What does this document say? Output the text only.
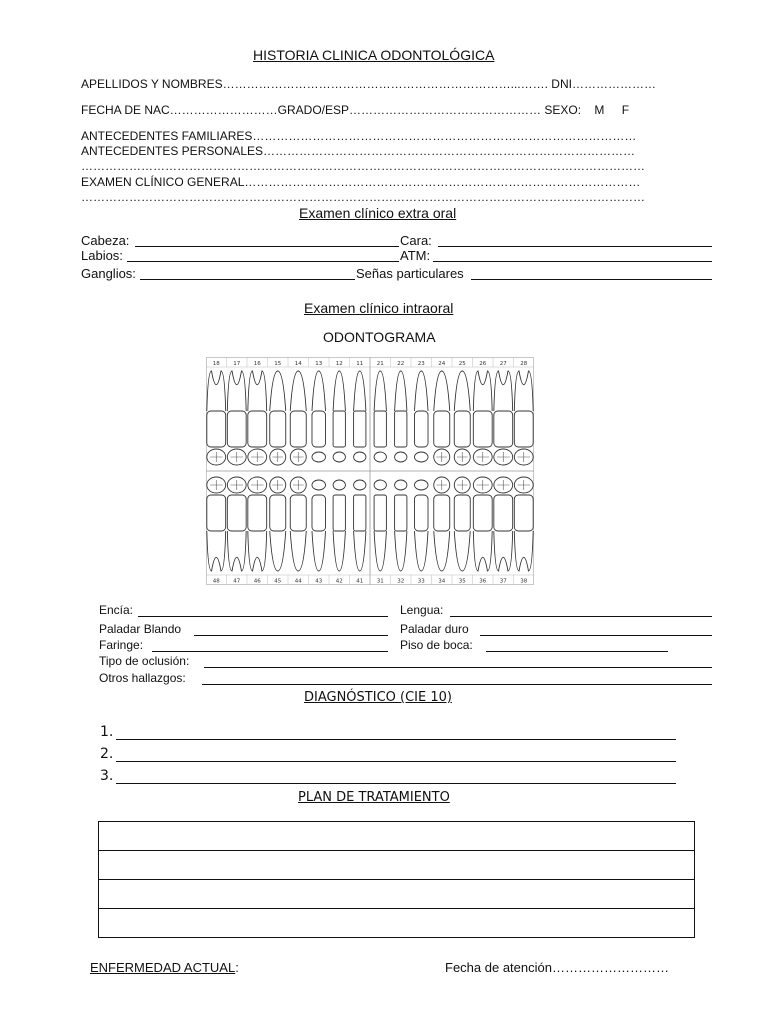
HISTORIA CLINICA ODONTOLÓGICA
APELLIDOS Y NOMBRES………………………………………………………………...……. DNI…………………
FECHA DE NAC………………………GRADO/ESP………………………………………… SEXO: M F
ANTECEDENTES FAMILIARES……………………………………………………………………………………
ANTECEDENTES PERSONALES…………………………………………………………………………………
……………………………………………………………………………………………………………………………
EXAMEN CLÍNICO GENERAL………………………………………………………………………………………
……………………………………………………………………………………………………………………………
Examen clínico extra oral
Cabeza:	Cara:
Labios:	ATM:
Ganglios:	Señas particulares
Examen clínico intraoral
ODONTOGRAMA
18 17 16 15 14 13 12 11 21 22 23 24 25 26 27 28
48 47 46 45 44 43 42 41 31 32 33 34 35 36 37 38
Encía:	Lengua:
Paladar Blando	Paladar duro
Faringe:	Piso de boca:
Tipo de oclusión:
Otros hallazgos:
DIAGNÓSTICO (CIE 10)
1.
2.
3.
PLAN DE TRATAMIENTO

ENFERMEDAD ACTUAL:	Fecha de atención………………………
